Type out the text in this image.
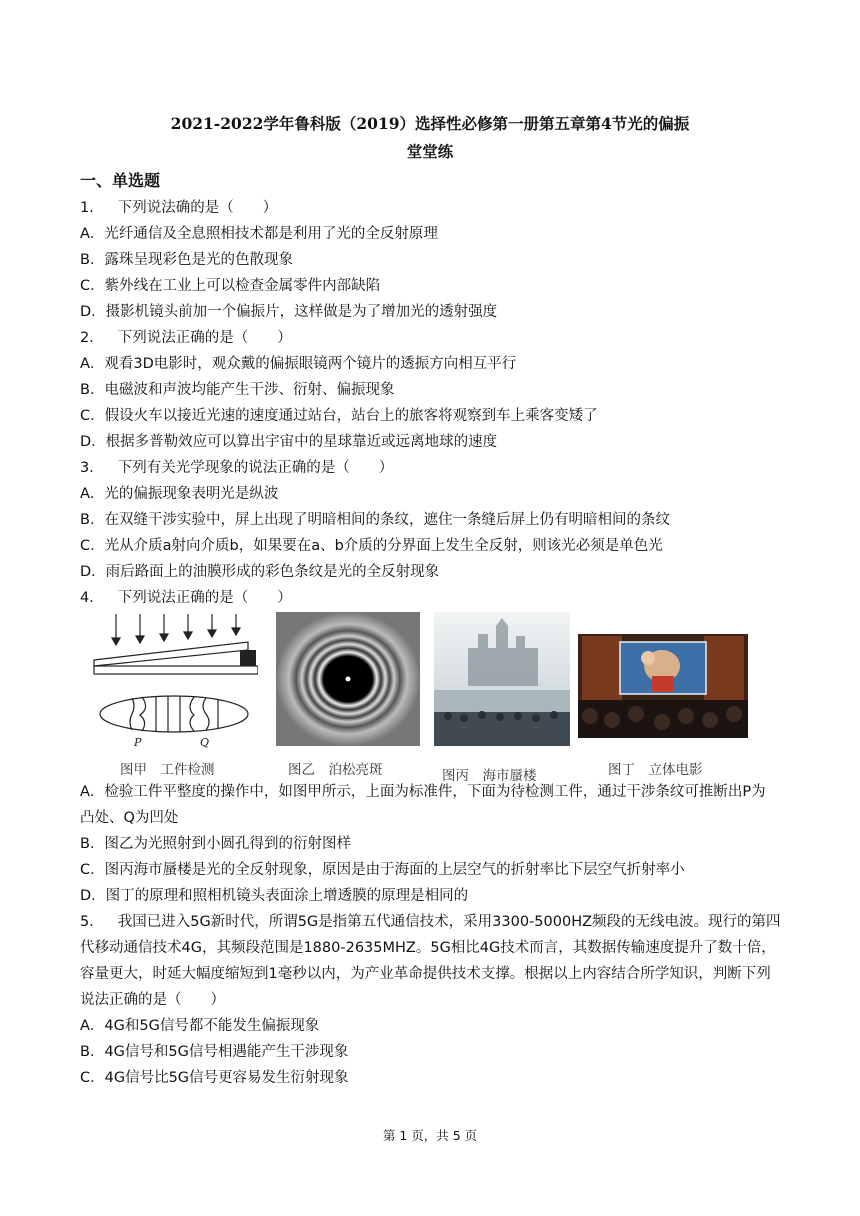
2021-2022学年鲁科版（2019）选择性必修第一册第五章第4节光的偏振
堂堂练
一、单选题
1． 下列说法确的是（　　）
A．光纤通信及全息照相技术都是利用了光的全反射原理
B．露珠呈现彩色是光的色散现象
C．紫外线在工业上可以检查金属零件内部缺陷
D．摄影机镜头前加一个偏振片，这样做是为了增加光的透射强度
2． 下列说法正确的是（　　）
A．观看3D电影时，观众戴的偏振眼镜两个镜片的透振方向相互平行
B．电磁波和声波均能产生干涉、衍射、偏振现象
C．假设火车以接近光速的速度通过站台，站台上的旅客将观察到车上乘客变矮了
D．根据多普勒效应可以算出宇宙中的星球靠近或远离地球的速度
3． 下列有关光学现象的说法正确的是（　　）
A．光的偏振现象表明光是纵波
B．在双缝干涉实验中，屏上出现了明暗相间的条纹，遮住一条缝后屏上仍有明暗相间的条纹
C．光从介质a射向介质b，如果要在a、b介质的分界面上发生全反射，则该光必须是单色光
D．雨后路面上的油膜形成的彩色条纹是光的全反射现象
4． 下列说法正确的是（　　）
P	Q
图甲　工件检测	图乙　泊松亮斑	图丙　海市蜃楼	图丁　立体电影
A．检验工件平整度的操作中，如图甲所示，上面为标准件，下面为待检测工件，通过干涉条纹可推断出P为
凸处、Q为凹处
B．图乙为光照射到小圆孔得到的衍射图样
C．图丙海市蜃楼是光的全反射现象，原因是由于海面的上层空气的折射率比下层空气折射率小
D．图丁的原理和照相机镜头表面涂上增透膜的原理是相同的
5． 我国已进入5G新时代，所谓5G是指第五代通信技术，采用3300-5000HZ频段的无线电波。现行的第四
代移动通信技术4G，其频段范围是1880-2635MHZ。5G相比4G技术而言，其数据传输速度提升了数十倍，
容量更大，时延大幅度缩短到1毫秒以内，为产业革命提供技术支撑。根据以上内容结合所学知识，判断下列
说法正确的是（　　）
A．4G和5G信号都不能发生偏振现象
B．4G信号和5G信号相遇能产生干涉现象
C．4G信号比5G信号更容易发生衍射现象
第 1 页，共 5 页
